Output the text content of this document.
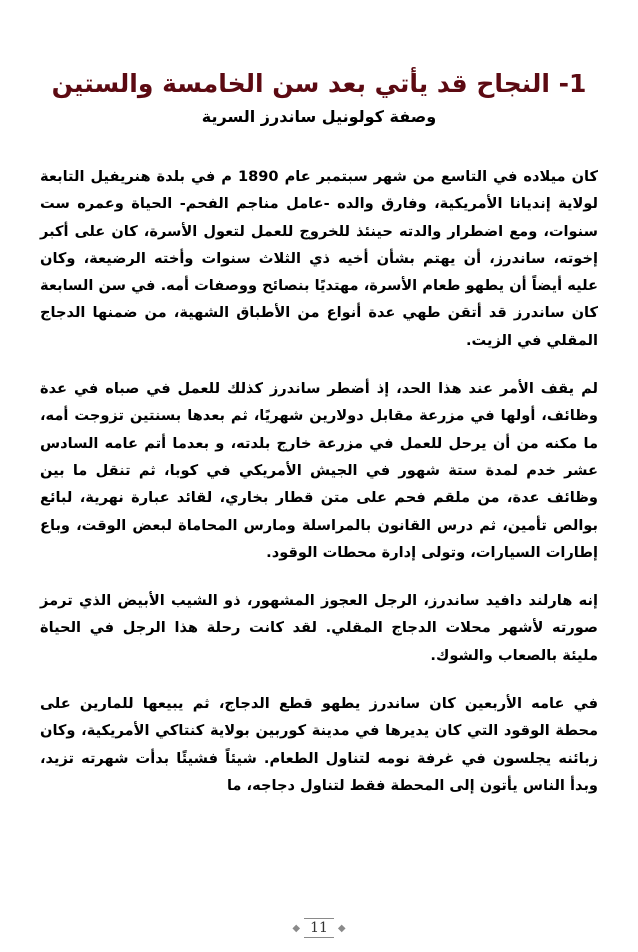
1- النجاح قد يأتي بعد سن الخامسة والستين
وصفة كولونيل ساندرز السرية

كان ميلاده في التاسع من شهر سبتمبر عام 1890 م في بلدة هنريفيل التابعة لولاية إنديانا الأمريكية، وفارق والده -عامل مناجم الفحم- الحياة وعمره ست سنوات، ومع اضطرار والدته حينئذ للخروج للعمل لتعول الأسرة، كان على أكبر إخوته، ساندرز، أن يهتم بشأن أخيه ذي الثلاث سنوات وأخته الرضيعة، وكان عليه أيضاً أن يطهو طعام الأسرة، مهتديًا بنصائح ووصفات أمه. في سن السابعة كان ساندرز قد أتقن طهي عدة أنواع من الأطباق الشهية، من ضمنها الدجاج المقلي في الزيت.

لم يقف الأمر عند هذا الحد، إذ أضطر ساندرز كذلك للعمل في صباه في عدة وظائف، أولها في مزرعة مقابل دولارين شهريًا، ثم بعدها بسنتين تزوجت أمه، ما مكنه من أن يرحل للعمل في مزرعة خارج بلدته، و بعدما أتم عامه السادس عشر خدم لمدة ستة شهور في الجيش الأمريكي في كوبا، ثم تنقل ما بين وظائف عدة، من ملقم فحم على متن قطار بخاري، لقائد عبارة نهرية، لبائع بوالص تأمين، ثم درس القانون بالمراسلة ومارس المحاماة لبعض الوقت، وباع إطارات السيارات، وتولى إدارة محطات الوقود.

إنه هارلند دافيد ساندرز، الرجل العجوز المشهور، ذو الشيب الأبيض الذي ترمز صورته لأشهر محلات الدجاج المقلي. لقد كانت رحلة هذا الرجل في الحياة مليئة بالصعاب والشوك.

في عامه الأربعين كان ساندرز يطهو قطع الدجاج، ثم يبيعها للمارين على محطة الوقود التي كان يديرها في مدينة كوربين بولاية كنتاكي الأمريكية، وكان زبائنه يجلسون في غرفة نومه لتناول الطعام. شيئاً فشيئًا بدأت شهرته تزيد، وبدأ الناس يأتون إلى المحطة فقط لتناول دجاجه، ما

◆ 11 ◆
